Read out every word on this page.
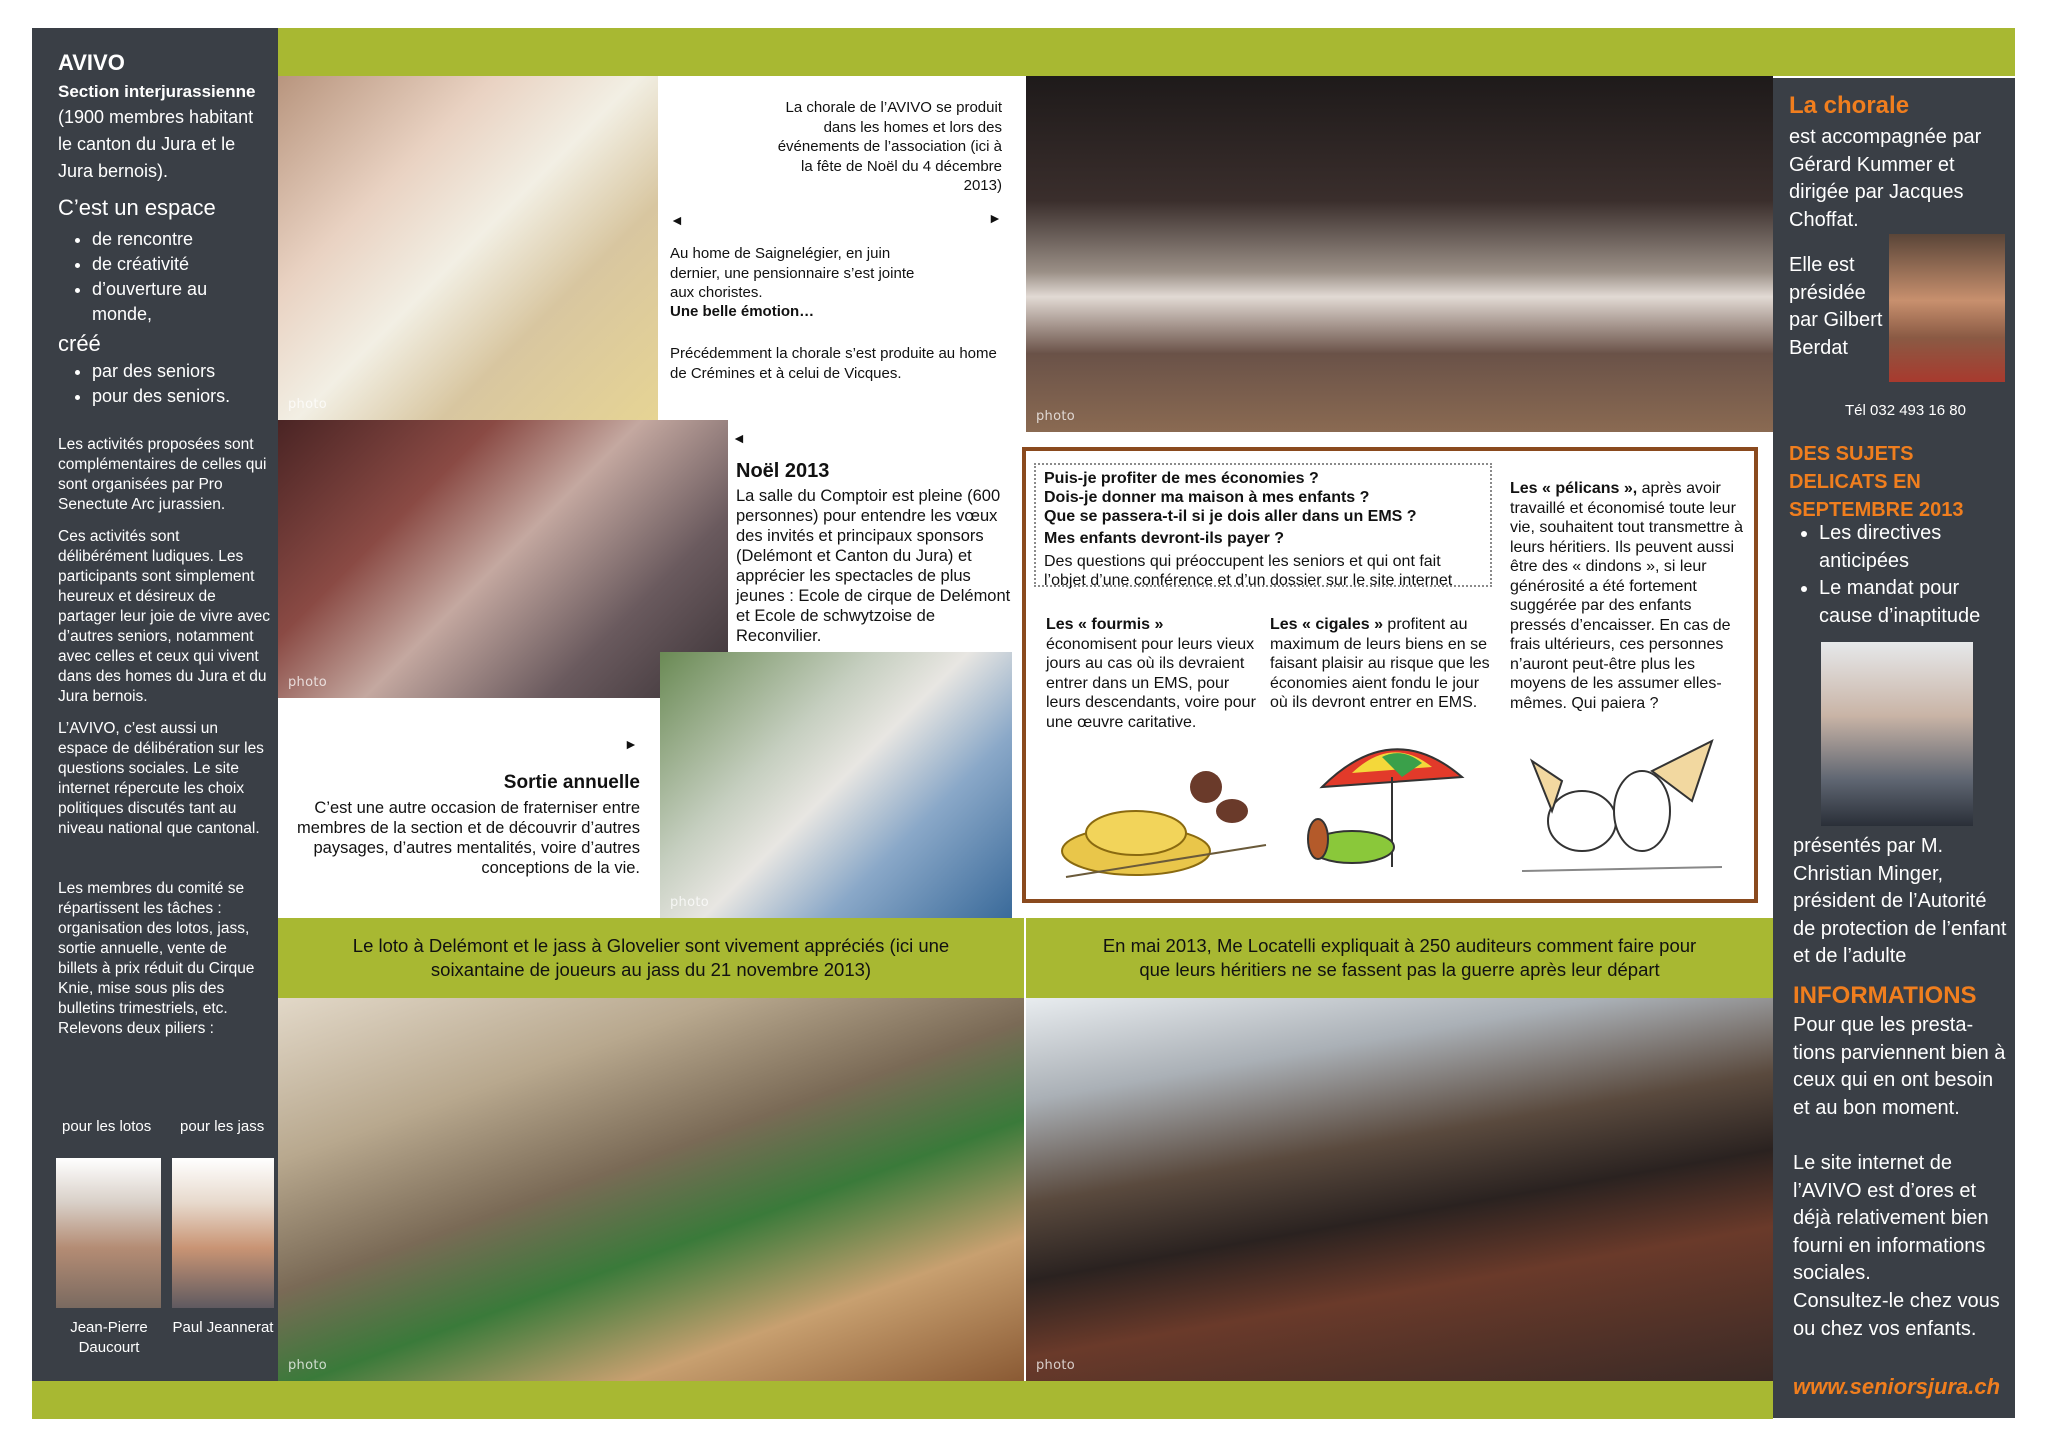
AVIVO
Section interjurassienne
(1900 membres habitant le canton du Jura et le Jura bernois).
C’est un espace
• de rencontre
• de créativité
• d’ouverture au monde,
créé
• par des seniors
• pour des seniors.
Les activités proposées sont complémentaires de celles qui sont organisées par Pro Senectute Arc jurassien.
Ces activités sont délibérément ludiques. Les participants sont simplement heureux et désireux de partager leur joie de vivre avec d’autres seniors, notamment avec celles et ceux qui vivent dans des homes du Jura et du Jura bernois.
L’AVIVO, c’est aussi un espace de délibération sur les questions sociales. Le site internet répercute les choix politiques discutés tant au niveau national que cantonal.
Les membres du comité se répartissent les tâches : organisation des lotos, jass, sortie annuelle, vente de billets à prix réduit du Cirque Knie, mise sous plis des bulletins trimestriels, etc. Relevons deux piliers :
pour les lotos pour les jass
Jean-Pierre Daucourt
Paul Jeannerat
La chorale
est accompagnée par Gérard Kummer et dirigée par Jacques Choffat.
Elle est présidée par Gilbert Berdat
Tél 032 493 16 80
DES SUJETS DELICATS EN SEPTEMBRE 2013
• Les directives anticipées
• Le mandat pour cause d’inaptitude
présentés par M. Christian Minger, président de l’Autorité de protection de l’enfant et de l’adulte
INFORMATIONS
Pour que les presta-tions parviennent bien à ceux qui en ont besoin et au bon moment.
Le site internet de l’AVIVO est d’ores et déjà relativement bien fourni en informations sociales.
Consultez-le chez vous ou chez vos enfants.
www.seniorsjura.ch
photo
La chorale de l’AVIVO se produit dans les homes et lors des événements de l’association (ici à la fête de Noël du 4 décembre 2013)
◄	►
Au home de Saignelégier, en juin dernier, une pensionnaire s’est jointe aux choristes.
Une belle émotion…
Précédemment la chorale s’est produite au home de Crémines et à celui de Vicques.
photo
photo
◄
Noël 2013
La salle du Comptoir est pleine (600 personnes) pour entendre les vœux des invités et principaux sponsors (Delémont et Canton du Jura) et apprécier les spectacles de plus jeunes : Ecole de cirque de Delémont et Ecole de schwytzoise de Reconvilier.
photo
►
Sortie annuelle
C’est une autre occasion de fraterniser entre membres de la section et de découvrir d’autres paysages, d’autres mentalités, voire d’autres conceptions de la vie.
Puis-je profiter de mes économies ?
Dois-je donner ma maison à mes enfants ?
Que se passera-t-il si je dois aller dans un EMS ?
Mes enfants devront-ils payer ?
Des questions qui préoccupent les seniors et qui ont fait l’objet d’une conférence et d’un dossier sur le site internet
Les « fourmis »
économisent pour leurs vieux jours au cas où ils devraient entrer dans un EMS, pour leurs descendants, voire pour une œuvre caritative.
Les « cigales » profitent au maximum de leurs biens en se faisant plaisir au risque que les économies aient fondu le jour où ils devront entrer en EMS.
Les « pélicans », après avoir travaillé et économisé toute leur vie, souhaitent tout transmettre à leurs héritiers. Ils peuvent aussi être des « dindons », si leur générosité a été fortement suggérée par des enfants pressés d’encaisser. En cas de frais ultérieurs, ces personnes n’auront peut-être plus les moyens de les assumer elles-mêmes. Qui paiera ?
Le loto à Delémont et le jass à Glovelier sont vivement appréciés (ici une soixantaine de joueurs au jass du 21 novembre 2013)
En mai 2013, Me Locatelli expliquait à 250 auditeurs comment faire pour que leurs héritiers ne se fassent pas la guerre après leur départ
photo	photo
